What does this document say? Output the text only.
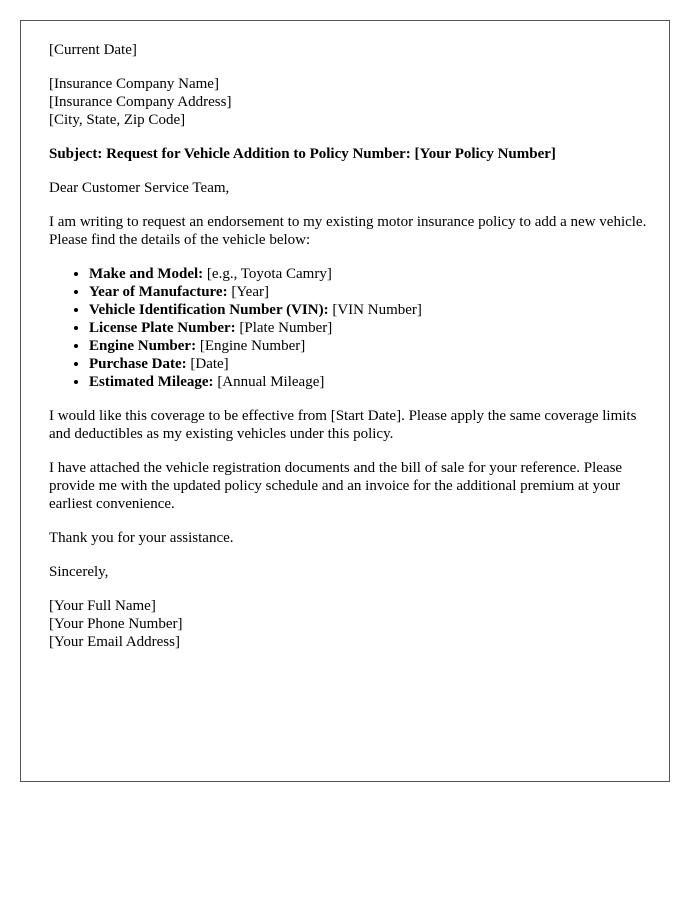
[Current Date]

[Insurance Company Name]
[Insurance Company Address]
[City, State, Zip Code]

Subject: Request for Vehicle Addition to Policy Number: [Your Policy Number]

Dear Customer Service Team,

I am writing to request an endorsement to my existing motor insurance policy to add a new vehicle. Please find the details of the vehicle below:

• Make and Model: [e.g., Toyota Camry]
• Year of Manufacture: [Year]
• Vehicle Identification Number (VIN): [VIN Number]
• License Plate Number: [Plate Number]
• Engine Number: [Engine Number]
• Purchase Date: [Date]
• Estimated Mileage: [Annual Mileage]

I would like this coverage to be effective from [Start Date]. Please apply the same coverage limits and deductibles as my existing vehicles under this policy.

I have attached the vehicle registration documents and the bill of sale for your reference. Please provide me with the updated policy schedule and an invoice for the additional premium at your earliest convenience.

Thank you for your assistance.

Sincerely,

[Your Full Name]
[Your Phone Number]
[Your Email Address]
